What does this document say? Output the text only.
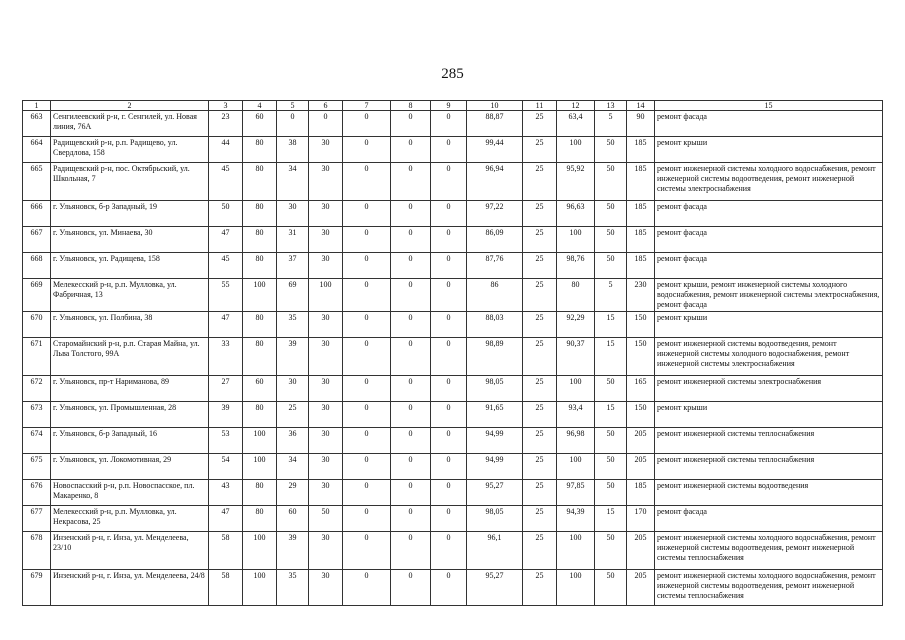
285
1	2	3	4	5	6	7	8	9	10	11	12	13	14	15
663	Сенгилеевский р-н, г. Сенгилей, ул. Новая линия, 76А	23	60	0	0	0	0	0	88,87	25	63,4	5	90	ремонт фасада
664	Радищевский р-н, р.п. Радищево, ул. Свердлова, 158	44	80	38	30	0	0	0	99,44	25	100	50	185	ремонт крыши
665	Радищевский р-н, пос. Октябрьский, ул. Школьная, 7	45	80	34	30	0	0	0	96,94	25	95,92	50	185	ремонт инженерной системы холодного водоснабжения, ремонт инженерной системы водоотведения, ремонт инженерной системы электроснабжения
666	г. Ульяновск, б-р Западный, 19	50	80	30	30	0	0	0	97,22	25	96,63	50	185	ремонт фасада
667	г. Ульяновск, ул. Минаева, 30	47	80	31	30	0	0	0	86,09	25	100	50	185	ремонт фасада
668	г. Ульяновск, ул. Радищева, 158	45	80	37	30	0	0	0	87,76	25	98,76	50	185	ремонт фасада
669	Мелекесский р-н, р.п. Мулловка, ул. Фабричная, 13	55	100	69	100	0	0	0	86	25	80	5	230	ремонт крыши, ремонт инженерной системы холодного водоснабжения, ремонт инженерной системы электроснабжения, ремонт фасада
670	г. Ульяновск, ул. Полбина, 38	47	80	35	30	0	0	0	88,03	25	92,29	15	150	ремонт крыши
671	Старомайнский р-н, р.п. Старая Майна, ул. Льва Толстого, 99А	33	80	39	30	0	0	0	98,89	25	90,37	15	150	ремонт инженерной системы водоотведения, ремонт инженерной системы холодного водоснабжения, ремонт инженерной системы электроснабжения
672	г. Ульяновск, пр-т Нариманова, 89	27	60	30	30	0	0	0	98,05	25	100	50	165	ремонт инженерной системы электроснабжения
673	г. Ульяновск, ул. Промышленная, 28	39	80	25	30	0	0	0	91,65	25	93,4	15	150	ремонт крыши
674	г. Ульяновск, б-р Западный, 16	53	100	36	30	0	0	0	94,99	25	96,98	50	205	ремонт инженерной системы теплоснабжения
675	г. Ульяновск, ул. Локомотивная, 29	54	100	34	30	0	0	0	94,99	25	100	50	205	ремонт инженерной системы теплоснабжения
676	Новоспасский р-н, р.п. Новоспасское, пл. Макаренко, 8	43	80	29	30	0	0	0	95,27	25	97,85	50	185	ремонт инженерной системы водоотведения
677	Мелекесский р-н, р.п. Мулловка, ул. Некрасова, 25	47	80	60	50	0	0	0	98,05	25	94,39	15	170	ремонт фасада
678	Инзенский р-н, г. Инза, ул. Менделеева, 23/10	58	100	39	30	0	0	0	96,1	25	100	50	205	ремонт инженерной системы холодного водоснабжения, ремонт инженерной системы водоотведения, ремонт инженерной системы теплоснабжения
679	Инзенский р-н, г. Инза, ул. Менделеева, 24/8	58	100	35	30	0	0	0	95,27	25	100	50	205	ремонт инженерной системы холодного водоснабжения, ремонт инженерной системы водоотведения, ремонт инженерной системы теплоснабжения
